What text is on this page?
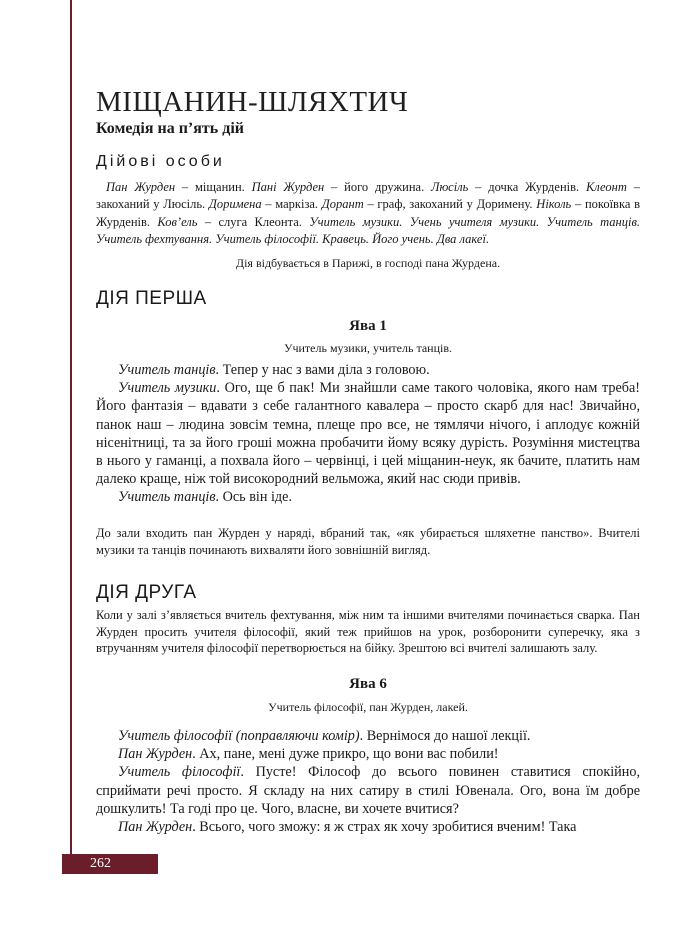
262
МІЩАНИН-ШЛЯХТИЧ
Комедія на п’ять дій
Дійові особи

Пан Журден – міщанин. Пані Журден – його дружина. Люсіль – дочка Журденів. Клеонт – закоханий у Люсіль. Доримена – маркіза. Дорант – граф, закоханий у Доримену. Ніколь – покоївка в Журденів. Ков’ель – слуга Клеонта. Учитель музики. Учень учителя музики. Учитель танців. Учитель фехтування. Учитель філософії. Кравець. Його учень. Два лакеї.

Дія відбувається в Парижі, в господі пана Журдена.

ДІЯ ПЕРША
Ява 1

Учитель музики, учитель танців.

Учитель танців. Тепер у нас з вами діла з головою.

Учитель музики. Ого, ще б пак! Ми знайшли саме такого чоловіка, якого нам треба! Його фантазія – вдавати з себе галантного кавалера – просто скарб для нас! Звичайно, панок наш – людина зовсім темна, плеще про все, не тямлячи нічого, і аплодує кожній нісенітниці, та за його гроші можна пробачити йому всяку дурість. Розуміння мистецтва в нього у гаманці, а похвала його – червінці, і цей міщанин-неук, як бачите, платить нам далеко краще, ніж той високородний вельможа, який нас сюди привів.

Учитель танців. Ось він іде.

До зали входить пан Журден у наряді, вбраний так, «як убирається шляхетне панство». Вчителі музики та танців починають вихваляти його зовнішній вигляд.

ДІЯ ДРУГА

Коли у залі з’являється вчитель фехтування, між ним та іншими вчителями починається сварка. Пан Журден просить учителя філософії, який теж прийшов на урок, розборонити суперечку, яка з втручанням учителя філософії перетворюється на бійку. Зрештою всі вчителі залишають залу.

Ява 6

Учитель філософії, пан Журден, лакей.

Учитель філософії (поправляючи комір). Вернімося до нашої лекції.

Пан Журден. Ах, пане, мені дуже прикро, що вони вас побили!

Учитель філософії. Пусте! Філософ до всього повинен ставитися спокійно, сприймати речі просто. Я складу на них сатиру в стилі Ювенала. Ого, вона їм добре дошкулить! Та годі про це. Чого, власне, ви хочете вчитися?

Пан Журден. Всього, чого зможу: я ж страх як хочу зробитися вченим! Така
